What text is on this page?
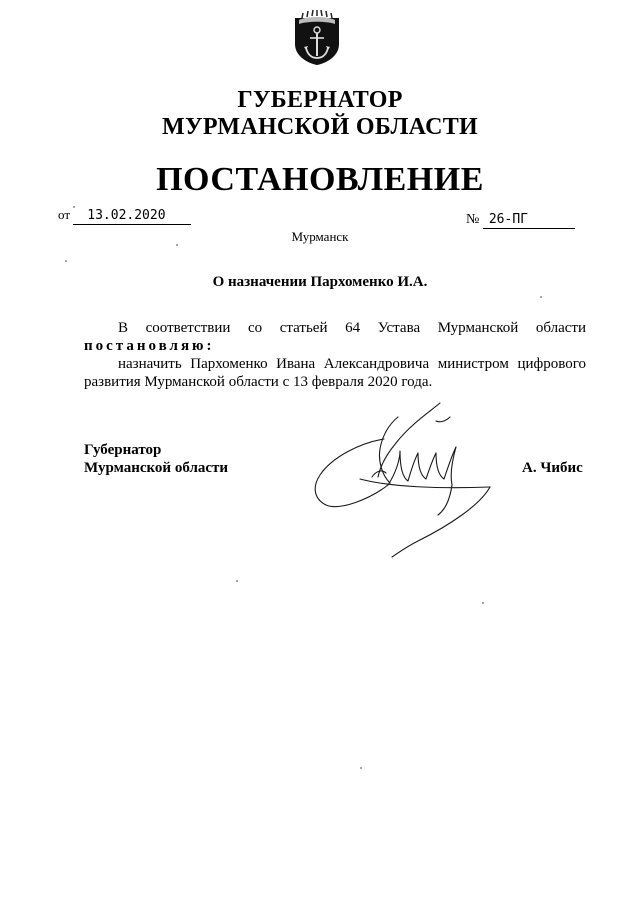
ГУБЕРНАТОР
МУРМАНСКОЙ ОБЛАСТИ
ПОСТАНОВЛЕНИЕ
от 13.02.2020	№ 26-ПГ
Мурманск
О назначении Пархоменко И.А.
В соответствии со статьей 64 Устава Мурманской области
постановляю:
назначить Пархоменко Ивана Александровича министром цифрового развития Мурманской области с 13 февраля 2020 года.
Губернатор
Мурманской области	А. Чибис
